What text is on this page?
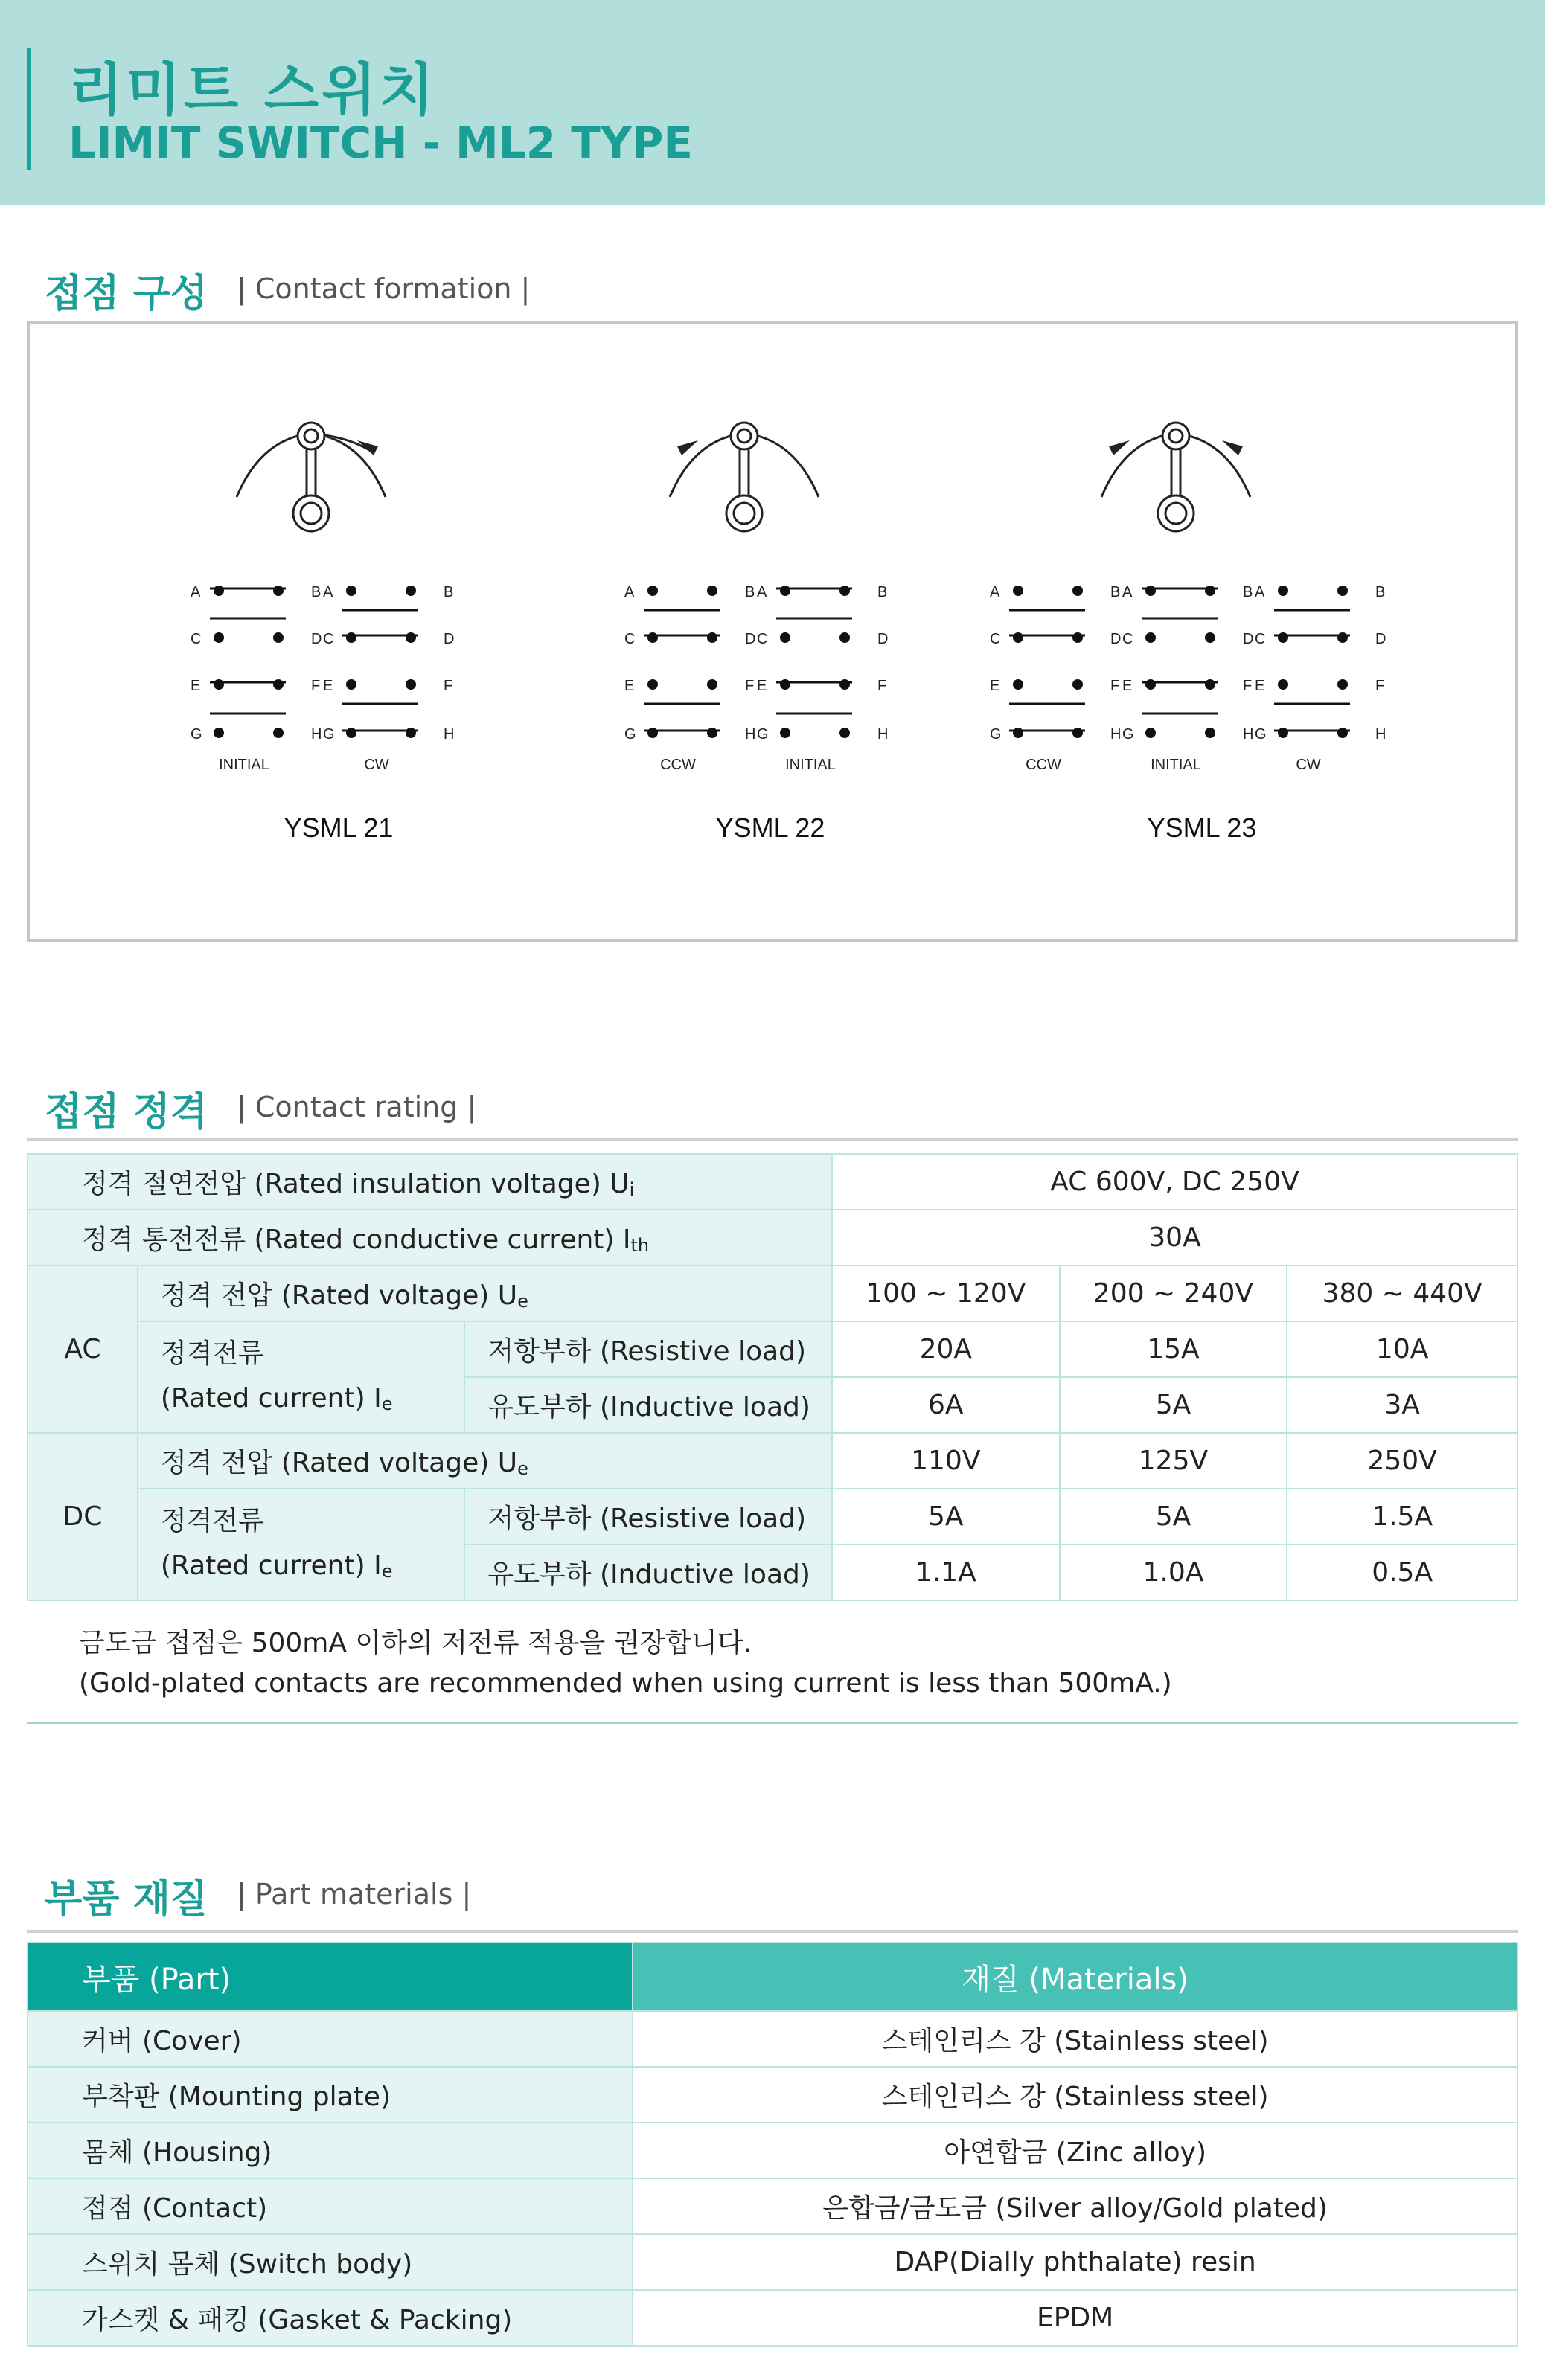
리미트 스위치
LIMIT SWITCH - ML2 TYPE
접점 구성 | Contact formation |
A	B
C	D
E	F
G	H
INITIAL
A	B
C	D
E	F
G	H
CW
A	B
C	D
E	F
G	H
CCW
A	B
C	D
E	F
G	H
INITIAL
A	B
C	D
E	F
G	H
CCW
A	B
C	D
E	F
G	H
INITIAL
A	B
C	D
E	F
G	H
CW
YSML 21	YSML 22	YSML 23
접점 정격 | Contact rating |
정격 절연전압 (Rated insulation voltage) $U_i$			AC 600V, DC 250V		
정격 통전전류 (Rated conductive current) $I_{th}$			30A		
AC	정격 전압 (Rated voltage) $U_e$		100 ~ 120V	200 ~ 240V	380 ~ 440V
	정격전류
(Rated current) $I_e$	저항부하 (Resistive load)	20A	15A	10A
		유도부하 (Inductive load)	6A	5A	3A
DC	정격 전압 (Rated voltage) $U_e$		110V	125V	250V
	정격전류
(Rated current) $I_e$	저항부하 (Resistive load)	5A	5A	1.5A
		유도부하 (Inductive load)	1.1A	1.0A	0.5A
금도금 접점은 500mA 이하의 저전류 적용을 권장합니다.
(Gold-plated contacts are recommended when using current is less than 500mA.)
부품 재질 | Part materials |
부품 (Part)	재질 (Materials)
커버 (Cover)	스테인리스 강 (Stainless steel)
부착판 (Mounting plate)	스테인리스 강 (Stainless steel)
몸체 (Housing)	아연합금 (Zinc alloy)
접점 (Contact)	은합금/금도금 (Silver alloy/Gold plated)
스위치 몸체 (Switch body)	DAP(Dially phthalate) resin
가스켓 & 패킹 (Gasket & Packing)	EPDM
